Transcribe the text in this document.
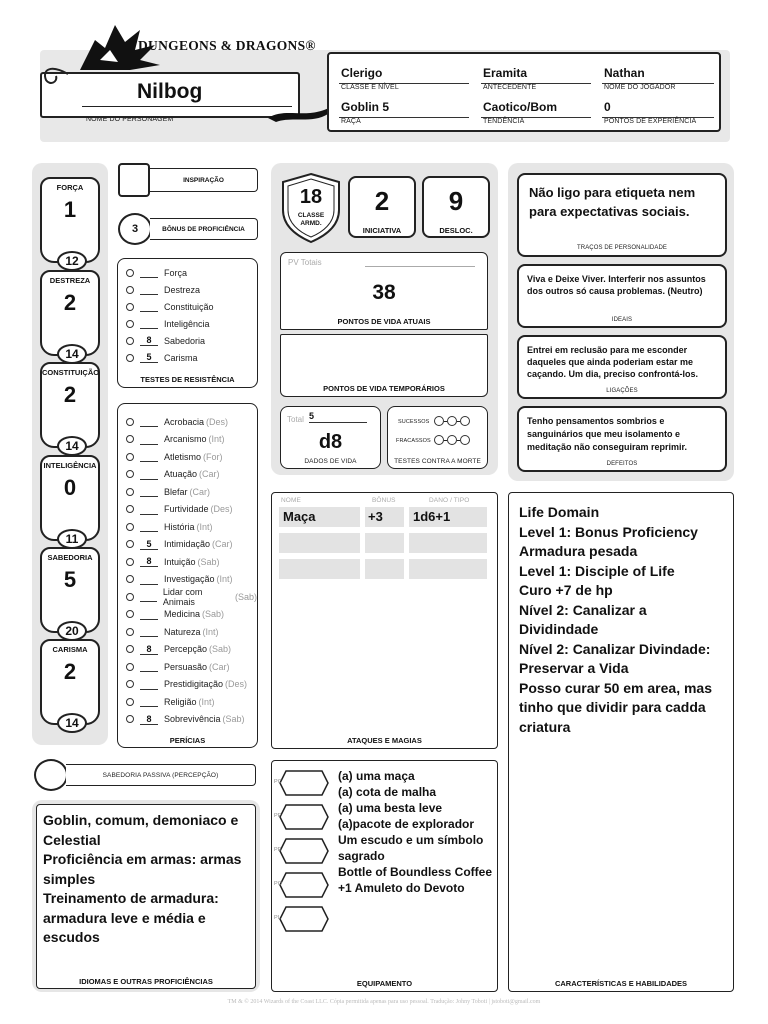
DUNGEONS & DRAGONS®
Nilbog
NOME DO PERSONAGEM
Clerigo
CLASSE E NÍVEL
Eramita
ANTECEDENTE
Nathan
NOME DO JOGADOR
Goblin 5
RAÇA
Caotico/Bom
TENDÊNCIA
0
PONTOS DE EXPERIÊNCIA
FORÇA
1
12
DESTREZA
2
14
CONSTITUIÇÃO
2
14
INTELIGÊNCIA
0
11
SABEDORIA
5
20
CARISMA
2
14
INSPIRAÇÃO
3	BÔNUS DE PROFICIÊNCIA
Força
Destreza
Constituição
Inteligência
8	Sabedoria
5	Carisma
TESTES DE RESISTÊNCIA
Acrobacia (Des)
Arcanismo (Int)
Atletismo (For)
Atuação (Car)
Blefar (Car)
Furtividade (Des)
História (Int)
5	Intimidação (Car)
8	Intuição (Sab)
Investigação (Int)
Lidar com Animais	(Sab)
Medicina (Sab)
Natureza (Int)
8	Percepção (Sab)
Persuasão (Car)
Prestidigitação (Des)
Religião (Int)
8	Sobrevivência (Sab)
PERÍCIAS
18
CLASSE ARMD.
2
INICIATIVA
9
DESLOC.
PV Totais
38
PONTOS DE VIDA ATUAIS
PONTOS DE VIDA TEMPORÁRIOS
Total 5
d8
DADOS DE VIDA
SUCESSOS
FRACASSOS
TESTES CONTRA A MORTE
NOME	BÔNUS	DANO / TIPO
Maça	+3 1d6+1
ATAQUES E MAGIAS
Não ligo para etiqueta nem para expectativas sociais.
TRAÇOS DE PERSONALIDADE
Viva e Deixe Viver. Interferir nos assuntos dos outros só causa problemas. (Neutro)
IDEAIS
Entrei em reclusão para me esconder daqueles que ainda poderiam estar me caçando. Um dia, preciso confrontá-los.
LIGAÇÕES
Tenho pensamentos sombrios e sanguinários que meu isolamento e meditação não conseguiram reprimir.
DEFEITOS
Life Domain
Level 1: Bonus Proficiency
Armadura pesada
Level 1: Disciple of Life
Curo +7 de hp
Nível 2: Canalizar a Dividindade
Nível 2: Canalizar Divindade:
Preservar a Vida
Posso curar 50 em area, mas
tinho que dividir para cadda
criatura
CARACTERÍSTICAS E HABILIDADES
SABEDORIA PASSIVA (PERCEPÇÃO)
Goblin, comum, demoniaco e
Celestial
Proficiência em armas: armas
simples
Treinamento de armadura:
armadura leve e média e
escudos
IDIOMAS E OUTRAS PROFICIÊNCIAS
PC
PP
PE
PO
PL
(a) uma maça
(a) cota de malha
(a) uma besta leve
(a)pacote de explorador
Um escudo e um símbolo
sagrado
Bottle of Boundless Coffee
+1 Amuleto do Devoto
EQUIPAMENTO
TM & © 2014 Wizards of the Coast LLC. Cópia permitida apenas para uso pessoal. Tradução: Johny Toboti | jstoboti@gmail.com
